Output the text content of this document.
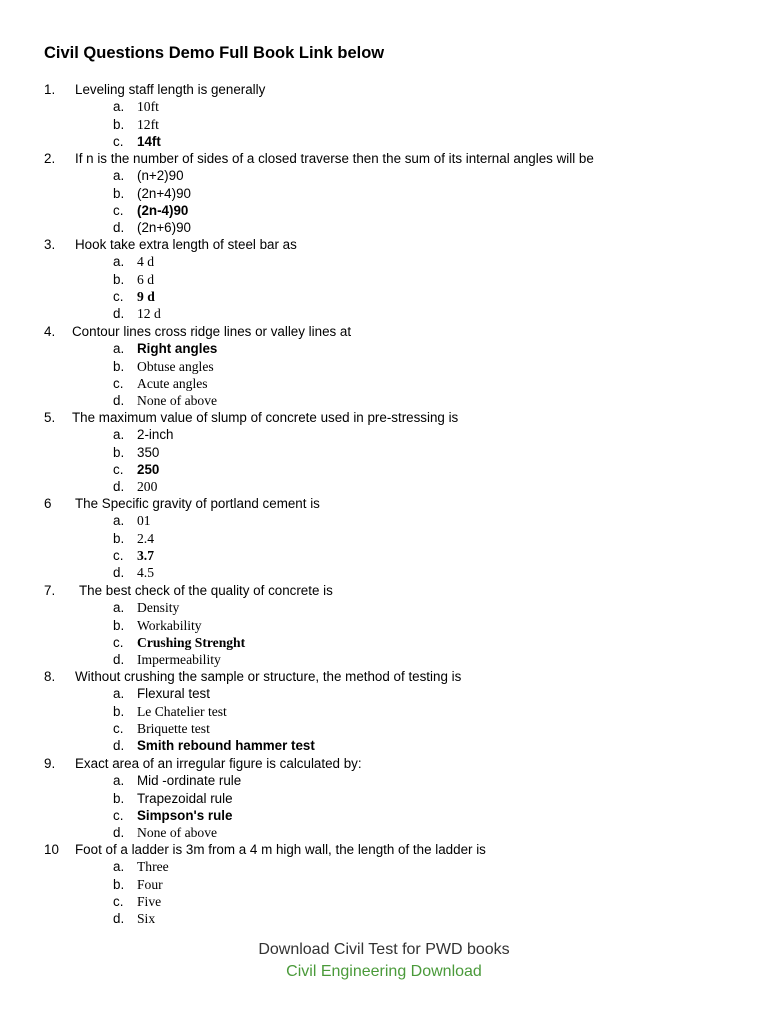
Civil Questions Demo Full Book Link below
1. Leveling staff length is generally
a. 10ft
b. 12ft
c. 14ft
2. If n is the number of sides of a closed traverse then the sum of its internal angles will be
a. (n+2)90
b. (2n+4)90
c. (2n-4)90
d. (2n+6)90
3. Hook take extra length of steel bar as
a. 4 d
b. 6 d
c. 9 d
d. 12 d
4. Contour lines cross ridge lines or valley lines at
a. Right angles
b. Obtuse angles
c. Acute angles
d. None of above
5. The maximum value of slump of concrete used in pre-stressing is
a. 2-inch
b. 350
c. 250
d. 200
6 The Specific gravity of portland cement is
a. 01
b. 2.4
c. 3.7
d. 4.5
7. The best check of the quality of concrete is
a. Density
b. Workability
c. Crushing Strenght
d. Impermeability
8. Without crushing the sample or structure, the method of testing is
a. Flexural test
b. Le Chatelier test
c. Briquette test
d. Smith rebound hammer test
9. Exact area of an irregular figure is calculated by:
a. Mid -ordinate rule
b. Trapezoidal rule
c. Simpson's rule
d. None of above
10 Foot of a ladder is 3m from a 4 m high wall, the length of the ladder is
a. Three
b. Four
c. Five
d. Six
Download Civil Test for PWD books
Civil Engineering Download
